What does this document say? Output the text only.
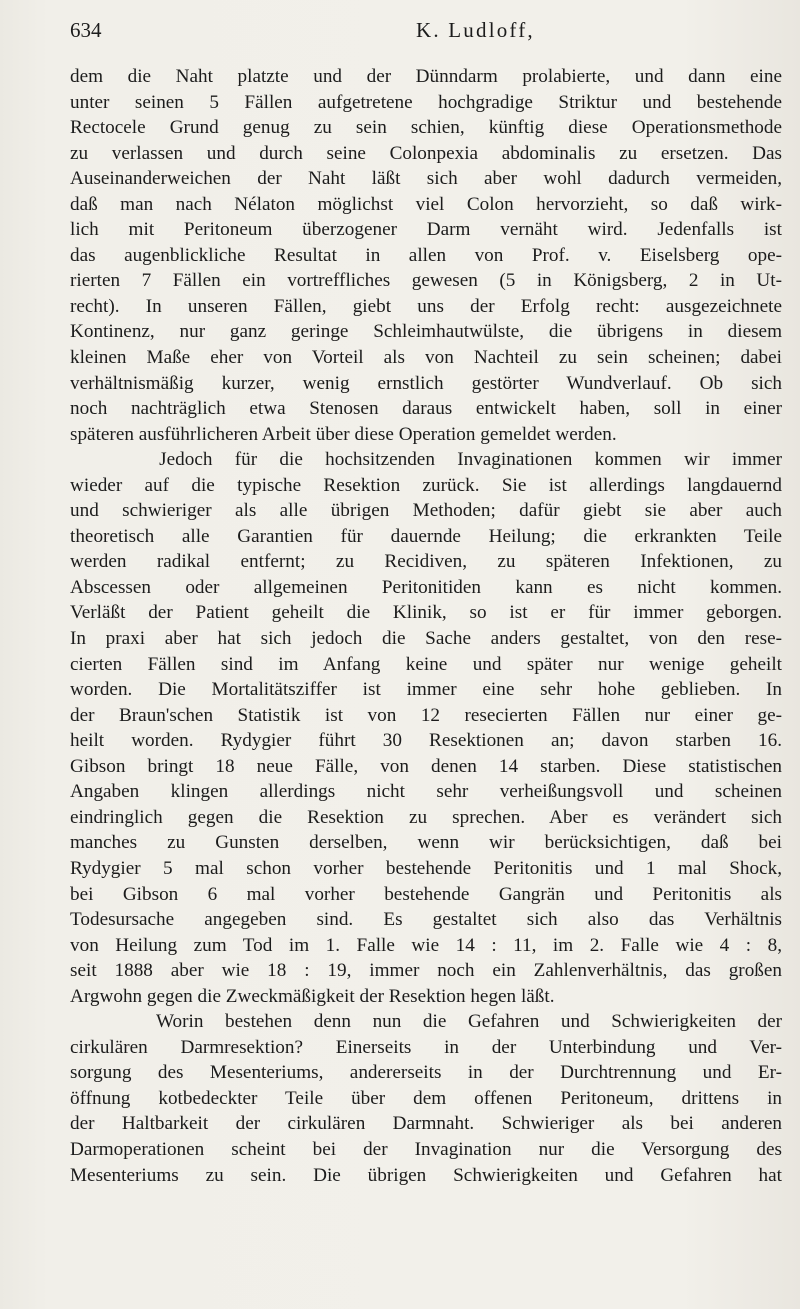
634	K. Ludloff,
dem die Naht platzte und der Dünndarm prolabierte, und dann eine
unter seinen 5 Fällen aufgetretene hochgradige Striktur und bestehende
Rectocele Grund genug zu sein schien, künftig diese Operationsmethode
zu verlassen und durch seine Colonpexia abdominalis zu ersetzen. Das
Auseinanderweichen der Naht läßt sich aber wohl dadurch vermeiden,
daß man nach Nélaton möglichst viel Colon hervorzieht, so daß wirk-
lich mit Peritoneum überzogener Darm vernäht wird. Jedenfalls ist
das augenblickliche Resultat in allen von Prof. v. Eiselsberg ope-
rierten 7 Fällen ein vortreffliches gewesen (5 in Königsberg, 2 in Ut-
recht). In unseren Fällen, giebt uns der Erfolg recht: ausgezeichnete
Kontinenz, nur ganz geringe Schleimhautwülste, die übrigens in diesem
kleinen Maße eher von Vorteil als von Nachteil zu sein scheinen; dabei
verhältnismäßig kurzer, wenig ernstlich gestörter Wundverlauf. Ob sich
noch nachträglich etwa Stenosen daraus entwickelt haben, soll in einer
späteren ausführlicheren Arbeit über diese Operation gemeldet werden.
Jedoch für die hochsitzenden Invaginationen kommen wir immer
wieder auf die typische Resektion zurück. Sie ist allerdings langdauernd
und schwieriger als alle übrigen Methoden; dafür giebt sie aber auch
theoretisch alle Garantien für dauernde Heilung; die erkrankten Teile
werden radikal entfernt; zu Recidiven, zu späteren Infektionen, zu
Abscessen oder allgemeinen Peritonitiden kann es nicht kommen.
Verläßt der Patient geheilt die Klinik, so ist er für immer geborgen.
In praxi aber hat sich jedoch die Sache anders gestaltet, von den rese-
cierten Fällen sind im Anfang keine und später nur wenige geheilt
worden. Die Mortalitätsziffer ist immer eine sehr hohe geblieben. In
der Braun'schen Statistik ist von 12 resecierten Fällen nur einer ge-
heilt worden. Rydygier führt 30 Resektionen an; davon starben 16.
Gibson bringt 18 neue Fälle, von denen 14 starben. Diese statistischen
Angaben klingen allerdings nicht sehr verheißungsvoll und scheinen
eindringlich gegen die Resektion zu sprechen. Aber es verändert sich
manches zu Gunsten derselben, wenn wir berücksichtigen, daß bei
Rydygier 5 mal schon vorher bestehende Peritonitis und 1 mal Shock,
bei Gibson 6 mal vorher bestehende Gangrän und Peritonitis als
Todesursache angegeben sind. Es gestaltet sich also das Verhältnis
von Heilung zum Tod im 1. Falle wie 14 : 11, im 2. Falle wie 4 : 8,
seit 1888 aber wie 18 : 19, immer noch ein Zahlenverhältnis, das großen
Argwohn gegen die Zweckmäßigkeit der Resektion hegen läßt.
Worin bestehen denn nun die Gefahren und Schwierigkeiten der
cirkulären Darmresektion? Einerseits in der Unterbindung und Ver-
sorgung des Mesenteriums, andererseits in der Durchtrennung und Er-
öffnung kotbedeckter Teile über dem offenen Peritoneum, drittens in
der Haltbarkeit der cirkulären Darmnaht. Schwieriger als bei anderen
Darmoperationen scheint bei der Invagination nur die Versorgung des
Mesenteriums zu sein. Die übrigen Schwierigkeiten und Gefahren hat
